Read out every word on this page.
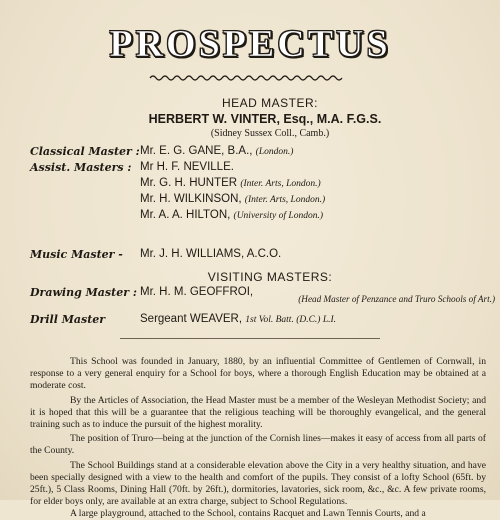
PROSPECTUS
HEAD MASTER:
HERBERT W. VINTER, Esq., M.A. F.G.S.
(Sidney Sussex Coll., Camb.)
Classical Master : Mr. E. G. GANE, B.A., (London.)
Assist. Masters : Mr H. F. NEVILLE.
Mr. G. H. HUNTER (Inter. Arts, London.)
Mr. H. WILKINSON, (Inter. Arts, London.)
Mr. A. A. HILTON, (University of London.)
Music Master - Mr. J. H. WILLIAMS, A.C.O.
VISITING MASTERS:
Drawing Master : Mr. H. M. GEOFFROI,
(Head Master of Penzance and Truro Schools of Art.)
Drill Master	Sergeant WEAVER, 1st Vol. Batt. (D.C.) L.I.

This School was founded in January, 1880, by an influential Committee of Gentlemen of Cornwall, in response to a very general enquiry for a School for boys, where a thorough English Education may be obtained at a moderate cost.

By the Articles of Association, the Head Master must be a member of the Wesleyan Methodist Society; and it is hoped that this will be a guarantee that the religious teaching will be thoroughly evangelical, and the general training such as to induce the pursuit of the highest morality.

The position of Truro—being at the junction of the Cornish lines—makes it easy of access from all parts of the County.

The School Buildings stand at a considerable elevation above the City in a very healthy situation, and have been specially designed with a view to the health and comfort of the pupils. They consist of a lofty School (65ft. by 25ft.), 5 Class Rooms, Dining Hall (70ft. by 26ft.), dormitories, lavatories, sick room, &c., &c. A few private rooms, for elder boys only, are available at an extra charge, subject to School Regulations.

A large playground, attached to the School, contains Racquet and Lawn Tennis Courts, and a
